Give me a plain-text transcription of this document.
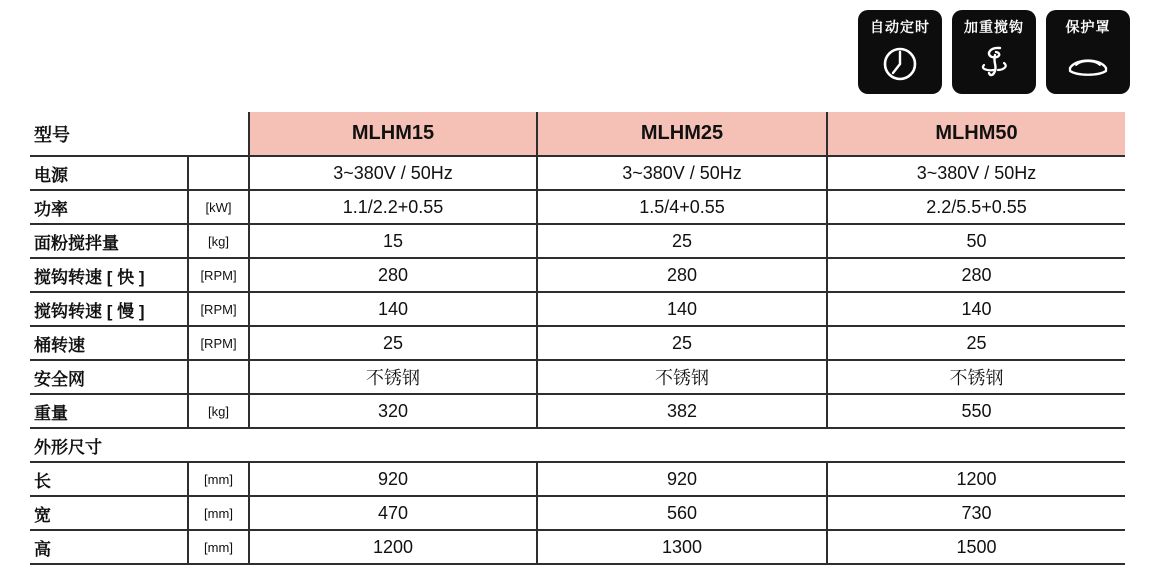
自动定时 加重搅钩	保护罩
型号		MLHM15	MLHM25	MLHM50
电源		3~380V / 50Hz	3~380V / 50Hz	3~380V / 50Hz
功率	[kW]	1.1/2.2+0.55	1.5/4+0.55	2.2/5.5+0.55
面粉搅拌量	[kg]	15	25	50
搅钩转速 [ 快 ]	[RPM]	280	280	280
搅钩转速 [ 慢 ]	[RPM]	140	140	140
桶转速	[RPM]	25	25	25
安全网		不锈钢	不锈钢	不锈钢
重量	[kg]	320	382	550
外形尺寸				
长	[mm]	920	920	1200
宽	[mm]	470	560	730
高	[mm]	1200	1300	1500
